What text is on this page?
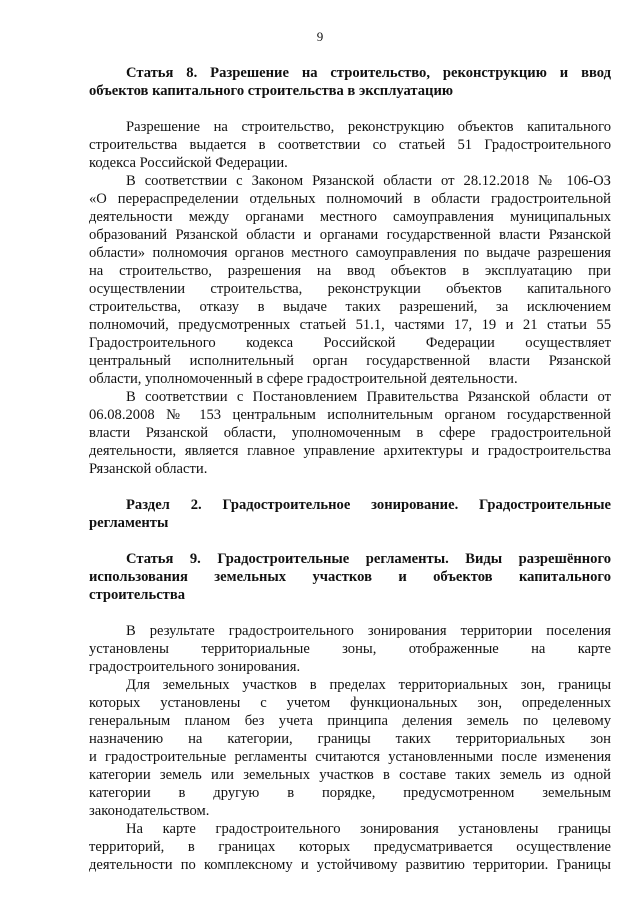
9
Статья 8. Разрешение на строительство, реконструкцию и ввод
объектов капитального строительства в эксплуатацию
Разрешение на строительство, реконструкцию объектов капитального
строительства выдается в соответствии со статьей 51 Градостроительного
кодекса Российской Федерации.
В соответствии с Законом Рязанской области от 28.12.2018 № 106-ОЗ
«О перераспределении отдельных полномочий в области градостроительной
деятельности между органами местного самоуправления муниципальных
образований Рязанской области и органами государственной власти Рязанской
области» полномочия органов местного самоуправления по выдаче разрешения
на строительство, разрешения на ввод объектов в эксплуатацию при
осуществлении строительства, реконструкции объектов капитального
строительства, отказу в выдаче таких разрешений, за исключением
полномочий, предусмотренных статьей 51.1, частями 17, 19 и 21 статьи 55
Градостроительного кодекса Российской Федерации осуществляет
центральный исполнительный орган государственной власти Рязанской
области, уполномоченный в сфере градостроительной деятельности.
В соответствии с Постановлением Правительства Рязанской области от
06.08.2008 № 153 центральным исполнительным органом государственной
власти Рязанской области, уполномоченным в сфере градостроительной
деятельности, является главное управление архитектуры и градостроительства
Рязанской области.
Раздел 2. Градостроительное зонирование. Градостроительные
регламенты
Статья 9. Градостроительные регламенты. Виды разрешённого
использования земельных участков и объектов капитального
строительства
В результате градостроительного зонирования территории поселения
установлены территориальные зоны, отображенные на карте
градостроительного зонирования.
Для земельных участков в пределах территориальных зон, границы
которых установлены с учетом функциональных зон, определенных
генеральным планом без учета принципа деления земель по целевому
назначению на категории, границы таких территориальных зон
и градостроительные регламенты считаются установленными после изменения
категории земель или земельных участков в составе таких земель из одной
категории в другую в порядке, предусмотренном земельным
законодательством.
На карте градостроительного зонирования установлены границы
территорий, в границах которых предусматривается осуществление
деятельности по комплексному и устойчивому развитию территории. Границы
